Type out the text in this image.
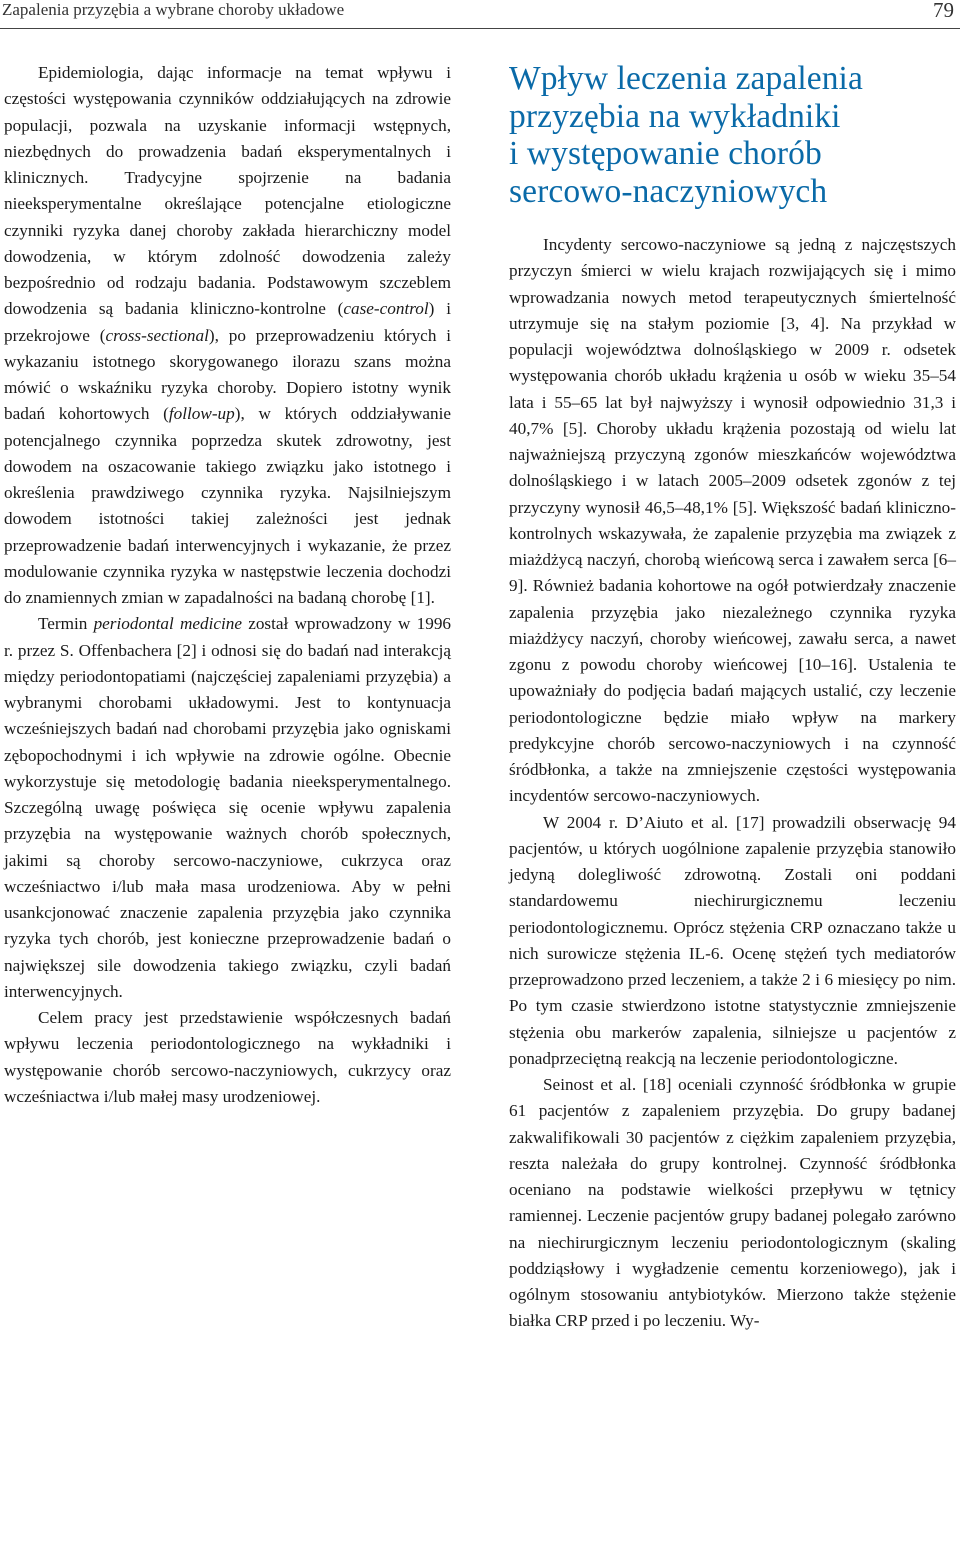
Zapalenia przyzębia a wybrane choroby układowe	79

Epidemiologia, dając informacje na temat wpływu i częstości występowania czynników oddziałujących na zdrowie populacji, pozwala na uzyskanie informacji wstępnych, niezbędnych do prowadzenia badań eksperymentalnych i klinicznych. Tradycyjne spojrzenie na badania nieeksperymentalne określające potencjalne etiologiczne czynniki ryzyka danej choroby zakłada hierarchiczny model dowodzenia, w którym zdolność dowodzenia zależy bezpośrednio od rodzaju badania. Podstawowym szczeblem dowodzenia są badania kliniczno-kontrolne (case-control) i przekrojowe (cross-sectional), po przeprowadzeniu których i wykazaniu istotnego skorygowanego ilorazu szans można mówić o wskaźniku ryzyka choroby. Dopiero istotny wynik badań kohortowych (follow-up), w których oddziaływanie potencjalnego czynnika poprzedza skutek zdrowotny, jest dowodem na oszacowanie takiego związku jako istotnego i określenia prawdziwego czynnika ryzyka. Najsilniejszym dowodem istotności takiej zależności jest jednak przeprowadzenie badań interwencyjnych i wykazanie, że przez modulowanie czynnika ryzyka w następstwie leczenia dochodzi do znamiennych zmian w zapadalności na badaną chorobę [1].

Termin periodontal medicine został wprowadzony w 1996 r. przez S. Offenbachera [2] i odnosi się do badań nad interakcją między periodontopatiami (najczęściej zapaleniami przyzębia) a wybranymi chorobami układowymi. Jest to kontynuacja wcześniejszych badań nad chorobami przyzębia jako ogniskami zębopochodnymi i ich wpływie na zdrowie ogólne. Obecnie wykorzystuje się metodologię badania nieeksperymentalnego. Szczególną uwagę poświęca się ocenie wpływu zapalenia przyzębia na występowanie ważnych chorób społecznych, jakimi są choroby sercowo-naczyniowe, cukrzyca oraz wcześniactwo i/lub mała masa urodzeniowa. Aby w pełni usankcjonować znaczenie zapalenia przyzębia jako czynnika ryzyka tych chorób, jest konieczne przeprowadzenie badań o największej sile dowodzenia takiego związku, czyli badań interwencyjnych.

Celem pracy jest przedstawienie współczesnych badań wpływu leczenia periodontologicznego na wykładniki i występowanie chorób sercowo-naczyniowych, cukrzycy oraz wcześniactwa i/lub małej masy urodzeniowej.

Wpływ leczenia zapalenia
przyzębia na wykładniki
i występowanie chorób
sercowo-naczyniowych

Incydenty sercowo-naczyniowe są jedną z najczęstszych przyczyn śmierci w wielu krajach rozwijających się i mimo wprowadzania nowych metod terapeutycznych śmiertelność utrzymuje się na stałym poziomie [3, 4]. Na przykład w populacji województwa dolnośląskiego w 2009 r. odsetek występowania chorób układu krążenia u osób w wieku 35–54 lata i 55–65 lat był najwyższy i wynosił odpowiednio 31,3 i 40,7% [5]. Choroby układu krążenia pozostają od wielu lat najważniejszą przyczyną zgonów mieszkańców województwa dolnośląskiego i w latach 2005–2009 odsetek zgonów z tej przyczyny wynosił 46,5–48,1% [5]. Większość badań kliniczno-kontrolnych wskazywała, że zapalenie przyzębia ma związek z miażdżycą naczyń, chorobą wieńcową serca i zawałem serca [6–9]. Również badania kohortowe na ogół potwierdzały znaczenie zapalenia przyzębia jako niezależnego czynnika ryzyka miażdżycy naczyń, choroby wieńcowej, zawału serca, a nawet zgonu z powodu choroby wieńcowej [10–16]. Ustalenia te upoważniały do podjęcia badań mających ustalić, czy leczenie periodontologiczne będzie miało wpływ na markery predykcyjne chorób sercowo-naczyniowych i na czynność śródbłonka, a także na zmniejszenie częstości występowania incydentów sercowo-naczyniowych.

W 2004 r. D’Aiuto et al. [17] prowadzili obserwację 94 pacjentów, u których uogólnione zapalenie przyzębia stanowiło jedyną dolegliwość zdrowotną. Zostali oni poddani standardowemu niechirurgicznemu leczeniu periodontologicznemu. Oprócz stężenia CRP oznaczano także u nich surowicze stężenia IL-6. Ocenę stężeń tych mediatorów przeprowadzono przed leczeniem, a także 2 i 6 miesięcy po nim. Po tym czasie stwierdzono istotne statystycznie zmniejszenie stężenia obu markerów zapalenia, silniejsze u pacjentów z ponadprzeciętną reakcją na leczenie periodontologiczne.

Seinost et al. [18] oceniali czynność śródbłonka w grupie 61 pacjentów z zapaleniem przyzębia. Do grupy badanej zakwalifikowali 30 pacjentów z ciężkim zapaleniem przyzębia, reszta należała do grupy kontrolnej. Czynność śródbłonka oceniano na podstawie wielkości przepływu w tętnicy ramiennej. Leczenie pacjentów grupy badanej polegało zarówno na niechirurgicznym leczeniu periodontologicznym (skaling poddziąsłowy i wygładzenie cementu korzeniowego), jak i ogólnym stosowaniu antybiotyków. Mierzono także stężenie białka CRP przed i po leczeniu. Wy-
